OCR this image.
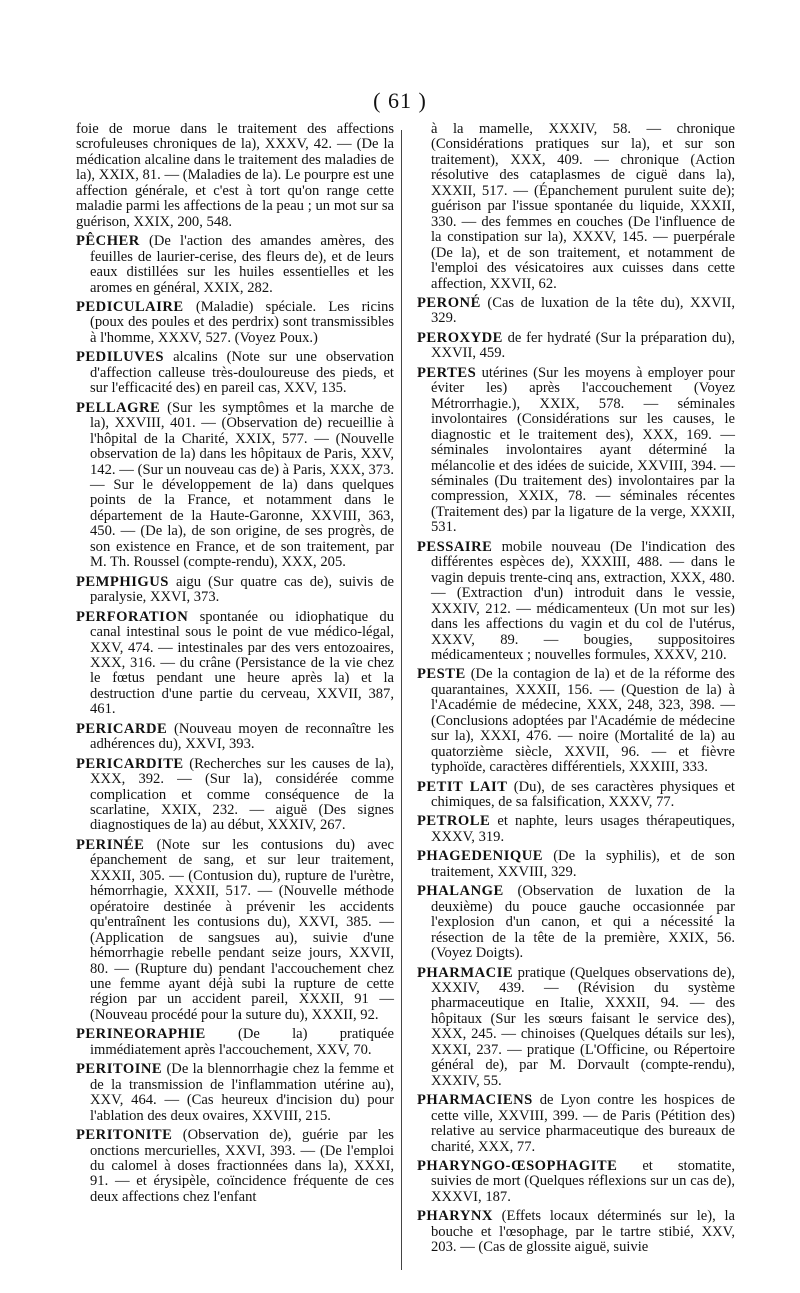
( 61 )
foie de morue dans le traitement des affections scrofuleuses chroniques de la), XXXV, 42. — (De la médication alcaline dans le traitement des maladies de la), XXIX, 81. — (Maladies de la). Le pourpre est une affection générale, et c'est à tort qu'on range cette maladie parmi les affections de la peau ; un mot sur sa guérison, XXIX, 200, 548.
PÊCHER (De l'action des amandes amères, des feuilles de laurier-cerise, des fleurs de), et de leurs eaux distillées sur les huiles essentielles et les aromes en général, XXIX, 282.
PEDICULAIRE (Maladie) spéciale. Les ricins (poux des poules et des perdrix) sont transmissibles à l'homme, XXXV, 527. (Voyez Poux.)
PEDILUVES alcalins (Note sur une observation d'affection calleuse très-douloureuse des pieds, et sur l'efficacité des) en pareil cas, XXV, 135.
PELLAGRE (Sur les symptômes et la marche de la), XXVIII, 401. — (Observation de) recueillie à l'hôpital de la Charité, XXIX, 577. — (Nouvelle observation de la) dans les hôpitaux de Paris, XXV, 142. — (Sur un nouveau cas de) à Paris, XXX, 373. — Sur le développement de la) dans quelques points de la France, et notamment dans le département de la Haute-Garonne, XXVIII, 363, 450. — (De la), de son origine, de ses progrès, de son existence en France, et de son traitement, par M. Th. Roussel (compte-rendu), XXX, 205.
PEMPHIGUS aigu (Sur quatre cas de), suivis de paralysie, XXVI, 373.
PERFORATION spontanée ou idiophatique du canal intestinal sous le point de vue médico-légal, XXV, 474. — intestinales par des vers entozoaires, XXX, 316. — du crâne (Persistance de la vie chez le fœtus pendant une heure après la) et la destruction d'une partie du cerveau, XXVII, 387, 461.
PERICARDE (Nouveau moyen de reconnaître les adhérences du), XXVI, 393.
PERICARDITE (Recherches sur les causes de la), XXX, 392. — (Sur la), considérée comme complication et comme conséquence de la scarlatine, XXIX, 232. — aiguë (Des signes diagnostiques de la) au début, XXXIV, 267.
PERINÉE (Note sur les contusions du) avec épanchement de sang, et sur leur traitement, XXXII, 305. — (Contusion du), rupture de l'urètre, hémorrhagie, XXXII, 517. — (Nouvelle méthode opératoire destinée à prévenir les accidents qu'entraînent les contusions du), XXVI, 385. — (Application de sangsues au), suivie d'une hémorrhagie rebelle pendant seize jours, XXVII, 80. — (Rupture du) pendant l'accouchement chez une femme ayant déjà subi la rupture de cette région par un accident pareil, XXXII, 91 — (Nouveau procédé pour la suture du), XXXII, 92.
PERINEORAPHIE (De la) pratiquée immédiatement après l'accouchement, XXV, 70.
PERITOINE (De la blennorrhagie chez la femme et de la transmission de l'inflammation utérine au), XXV, 464. — (Cas heureux d'incision du) pour l'ablation des deux ovaires, XXVIII, 215.
PERITONITE (Observation de), guérie par les onctions mercurielles, XXVI, 393. — (De l'emploi du calomel à doses fractionnées dans la), XXXI, 91. — et érysipèle, coïncidence fréquente de ces deux affections chez l'enfant
à la mamelle, XXXIV, 58. — chronique (Considérations pratiques sur la), et sur son traitement), XXX, 409. — chronique (Action résolutive des cataplasmes de ciguë dans la), XXXII, 517. — (Épanchement purulent suite de); guérison par l'issue spontanée du liquide, XXXII, 330. — des femmes en couches (De l'influence de la constipation sur la), XXXV, 145. — puerpérale (De la), et de son traitement, et notamment de l'emploi des vésicatoires aux cuisses dans cette affection, XXVII, 62.
PERONÉ (Cas de luxation de la tête du), XXVII, 329.
PEROXYDE de fer hydraté (Sur la préparation du), XXVII, 459.
PERTES utérines (Sur les moyens à employer pour éviter les) après l'accouchement (Voyez Métrorrhagie.), XXIX, 578. — séminales involontaires (Considérations sur les causes, le diagnostic et le traitement des), XXX, 169. — séminales involontaires ayant déterminé la mélancolie et des idées de suicide, XXVIII, 394. — séminales (Du traitement des) involontaires par la compression, XXIX, 78. — séminales récentes (Traitement des) par la ligature de la verge, XXXII, 531.
PESSAIRE mobile nouveau (De l'indication des différentes espèces de), XXXIII, 488. — dans le vagin depuis trente-cinq ans, extraction, XXX, 480. — (Extraction d'un) introduit dans le vessie, XXXIV, 212. — médicamenteux (Un mot sur les) dans les affections du vagin et du col de l'utérus, XXXV, 89. — bougies, suppositoires médicamenteux ; nouvelles formules, XXXV, 210.
PESTE (De la contagion de la) et de la réforme des quarantaines, XXXII, 156. — (Question de la) à l'Académie de médecine, XXX, 248, 323, 398. — (Conclusions adoptées par l'Académie de médecine sur la), XXXI, 476. — noire (Mortalité de la) au quatorzième siècle, XXVII, 96. — et fièvre typhoïde, caractères différentiels, XXXIII, 333.
PETIT LAIT (Du), de ses caractères physiques et chimiques, de sa falsification, XXXV, 77.
PETROLE et naphte, leurs usages thérapeutiques, XXXV, 319.
PHAGEDENIQUE (De la syphilis), et de son traitement, XXVIII, 329.
PHALANGE (Observation de luxation de la deuxième) du pouce gauche occasionnée par l'explosion d'un canon, et qui a nécessité la résection de la tête de la première, XXIX, 56. (Voyez Doigts).
PHARMACIE pratique (Quelques observations de), XXXIV, 439. — (Révision du système pharmaceutique en Italie, XXXII, 94. — des hôpitaux (Sur les sœurs faisant le service des), XXX, 245. — chinoises (Quelques détails sur les), XXXI, 237. — pratique (L'Officine, ou Répertoire général de), par M. Dorvault (compte-rendu), XXXIV, 55.
PHARMACIENS de Lyon contre les hospices de cette ville, XXVIII, 399. — de Paris (Pétition des) relative au service pharmaceutique des bureaux de charité, XXX, 77.
PHARYNGO-ŒSOPHAGITE et stomatite, suivies de mort (Quelques réflexions sur un cas de), XXXVI, 187.
PHARYNX (Effets locaux déterminés sur le), la bouche et l'œsophage, par le tartre stibié, XXV, 203. — (Cas de glossite aiguë, suivie
